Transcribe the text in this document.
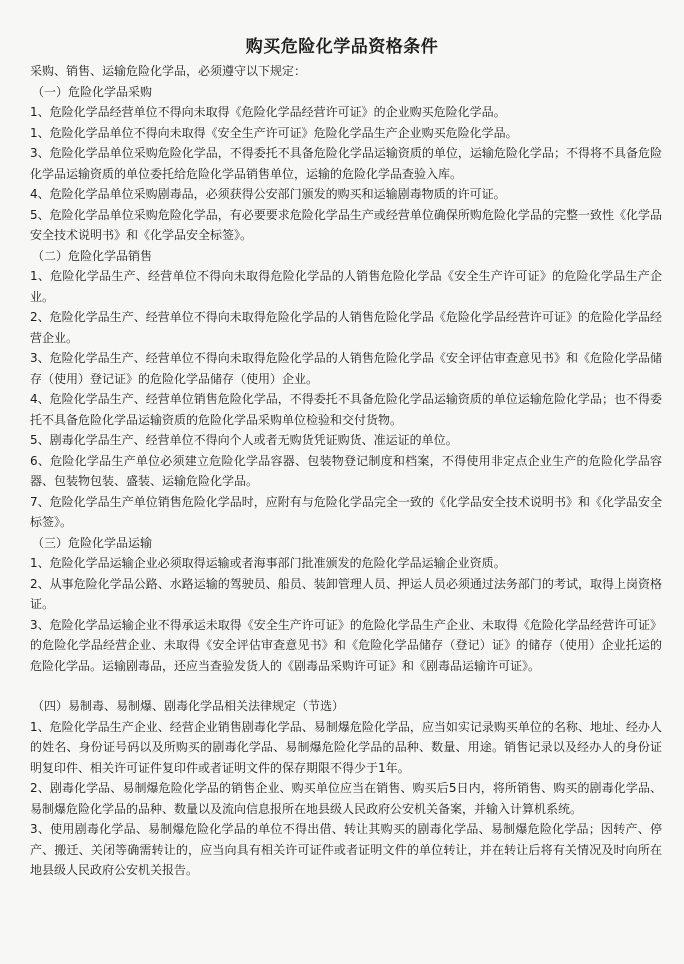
购买危险化学品资格条件

采购、销售、运输危险化学品，必须遵守以下规定：

（一）危险化学品采购

1、危险化学品经营单位不得向未取得《危险化学品经营许可证》的企业购买危险化学品。

1、危险化学品单位不得向未取得《安全生产许可证》危险化学品生产企业购买危险化学品。

3、危险化学品单位采购危险化学品，不得委托不具备危险化学品运输资质的单位，运输危险化学品；不得将不具备危险化学品运输资质的单位委托给危险化学品销售单位，运输的危险化学品查验入库。

4、危险化学品单位采购剧毒品，必须获得公安部门颁发的购买和运输剧毒物质的许可证。

5、危险化学品单位采购危险化学品，有必要要求危险化学品生产或经营单位确保所购危险化学品的完整一致性《化学品安全技术说明书》和《化学品安全标签》。

（二）危险化学品销售

1、危险化学品生产、经营单位不得向未取得危险化学品的人销售危险化学品《安全生产许可证》的危险化学品生产企业。

2、危险化学品生产、经营单位不得向未取得危险化学品的人销售危险化学品《危险化学品经营许可证》的危险化学品经营企业。

3、危险化学品生产、经营单位不得向未取得危险化学品的人销售危险化学品《安全评估审查意见书》和《危险化学品储存（使用）登记证》的危险化学品储存（使用）企业。

4、危险化学品生产、经营单位销售危险化学品，不得委托不具备危险化学品运输资质的单位运输危险化学品；也不得委托不具备危险化学品运输资质的危险化学品采购单位检验和交付货物。

5、剧毒化学品生产、经营单位不得向个人或者无购货凭证购货、准运证的单位。

6、危险化学品生产单位必须建立危险化学品容器、包装物登记制度和档案，不得使用非定点企业生产的危险化学品容器、包装物包装、盛装、运输危险化学品。

7、危险化学品生产单位销售危险化学品时，应附有与危险化学品完全一致的《化学品安全技术说明书》和《化学品安全标签》。

（三）危险化学品运输

1、危险化学品运输企业必须取得运输或者海事部门批准颁发的危险化学品运输企业资质。

2、从事危险化学品公路、水路运输的驾驶员、船员、装卸管理人员、押运人员必须通过法务部门的考试，取得上岗资格证。

3、危险化学品运输企业不得承运未取得《安全生产许可证》的危险化学品生产企业、未取得《危险化学品经营许可证》的危险化学品经营企业、未取得《安全评估审查意见书》和《危险化学品储存（登记）证》的储存（使用）企业托运的危险化学品。运输剧毒品，还应当查验发货人的《剧毒品采购许可证》和《剧毒品运输许可证》。

（四）易制毒、易制爆、剧毒化学品相关法律规定（节选）

1、危险化学品生产企业、经营企业销售剧毒化学品、易制爆危险化学品，应当如实记录购买单位的名称、地址、经办人的姓名、身份证号码以及所购买的剧毒化学品、易制爆危险化学品的品种、数量、用途。销售记录以及经办人的身份证明复印件、相关许可证件复印件或者证明文件的保存期限不得少于1年。

2、剧毒化学品、易制爆危险化学品的销售企业、购买单位应当在销售、购买后5日内，将所销售、购买的剧毒化学品、易制爆危险化学品的品种、数量以及流向信息报所在地县级人民政府公安机关备案，并输入计算机系统。

3、使用剧毒化学品、易制爆危险化学品的单位不得出借、转让其购买的剧毒化学品、易制爆危险化学品；因转产、停产、搬迁、关闭等确需转让的，应当向具有相关许可证件或者证明文件的单位转让，并在转让后将有关情况及时向所在地县级人民政府公安机关报告。
